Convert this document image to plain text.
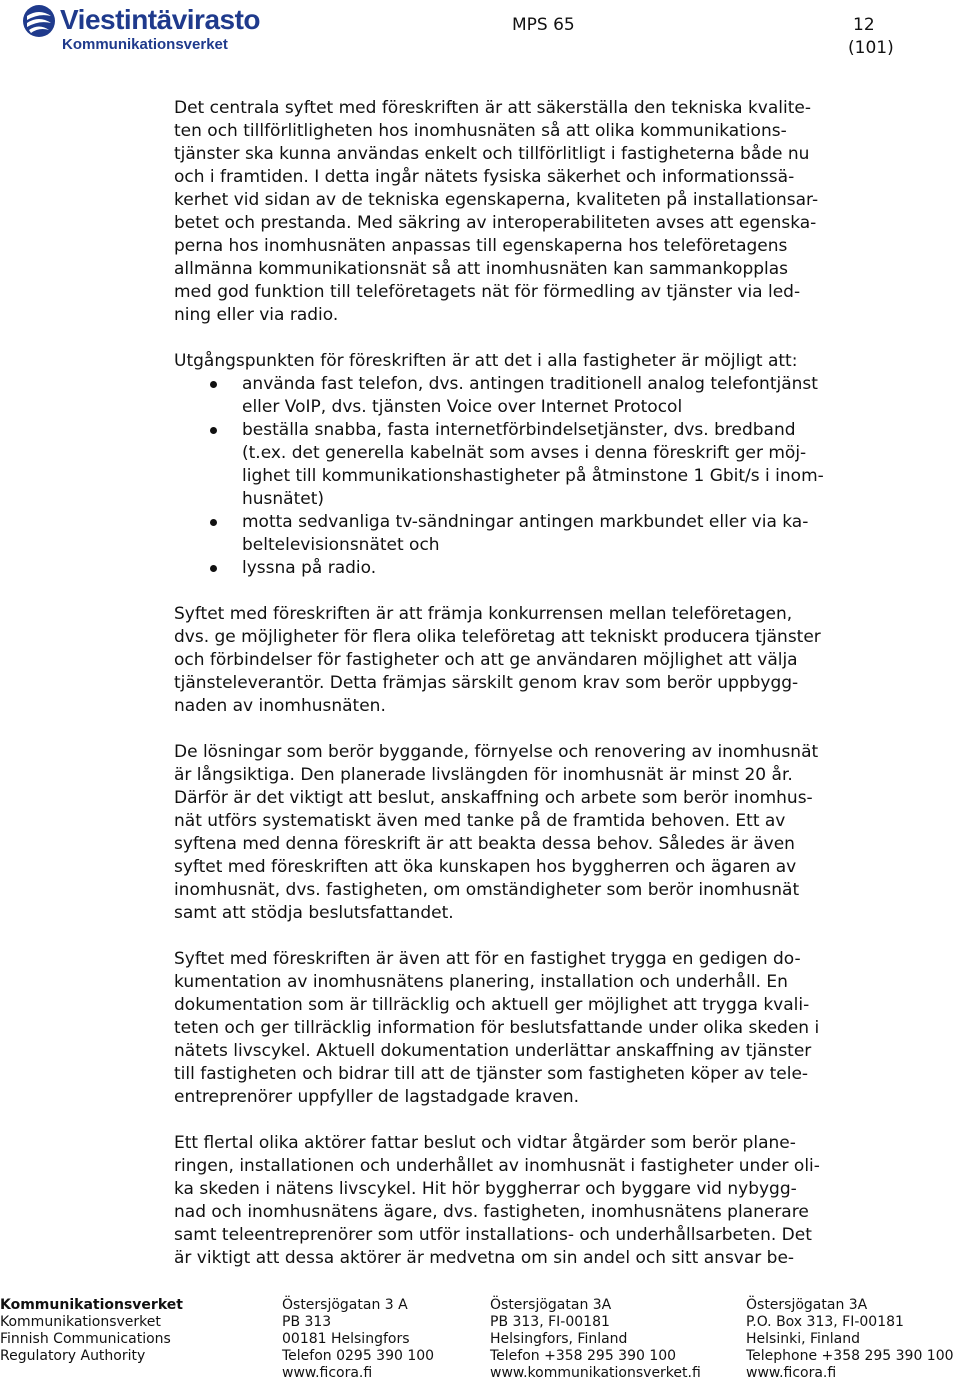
Viestintävirasto
Kommunikationsverket
MPS 65	12
(101)

Det centrala syftet med föreskriften är att säkerställa den tekniska kvalite-
ten och tillförlitligheten hos inomhusnäten så att olika kommunikations-
tjänster ska kunna användas enkelt och tillförlitligt i fastigheterna både nu
och i framtiden. I detta ingår nätets fysiska säkerhet och informationssä-
kerhet vid sidan av de tekniska egenskaperna, kvaliteten på installationsar-
betet och prestanda. Med säkring av interoperabiliteten avses att egenska-
perna hos inomhusnäten anpassas till egenskaperna hos teleföretagens
allmänna kommunikationsnät så att inomhusnäten kan sammankopplas
med god funktion till teleföretagets nät för förmedling av tjänster via led-
ning eller via radio.

Utgångspunkten för föreskriften är att det i alla fastigheter är möjligt att:

använda fast telefon, dvs. antingen traditionell analog telefontjänst
eller VoIP, dvs. tjänsten Voice over Internet Protocol
beställa snabba, fasta internetförbindelsetjänster, dvs. bredband
(t.ex. det generella kabelnät som avses i denna föreskrift ger möj-
lighet till kommunikationshastigheter på åtminstone 1 Gbit/s i inom-
husnätet)
motta sedvanliga tv-sändningar antingen markbundet eller via ka-
beltelevisionsnätet och
lyssna på radio.

Syftet med föreskriften är att främja konkurrensen mellan teleföretagen,
dvs. ge möjligheter för flera olika teleföretag att tekniskt producera tjänster
och förbindelser för fastigheter och att ge användaren möjlighet att välja
tjänsteleverantör. Detta främjas särskilt genom krav som berör uppbygg-
naden av inomhusnäten.

De lösningar som berör byggande, förnyelse och renovering av inomhusnät
är långsiktiga. Den planerade livslängden för inomhusnät är minst 20 år.
Därför är det viktigt att beslut, anskaffning och arbete som berör inomhus-
nät utförs systematiskt även med tanke på de framtida behoven. Ett av
syftena med denna föreskrift är att beakta dessa behov. Således är även
syftet med föreskriften att öka kunskapen hos byggherren och ägaren av
inomhusnät, dvs. fastigheten, om omständigheter som berör inomhusnät
samt att stödja beslutsfattandet.

Syftet med föreskriften är även att för en fastighet trygga en gedigen do-
kumentation av inomhusnätens planering, installation och underhåll. En
dokumentation som är tillräcklig och aktuell ger möjlighet att trygga kvali-
teten och ger tillräcklig information för beslutsfattande under olika skeden i
nätets livscykel. Aktuell dokumentation underlättar anskaffning av tjänster
till fastigheten och bidrar till att de tjänster som fastigheten köper av tele-
entreprenörer uppfyller de lagstadgade kraven.

Ett flertal olika aktörer fattar beslut och vidtar åtgärder som berör plane-
ringen, installationen och underhållet av inomhusnät i fastigheter under oli-
ka skeden i nätens livscykel. Hit hör byggherrar och byggare vid nybygg-
nad och inomhusnätens ägare, dvs. fastigheten, inomhusnätens planerare
samt teleentreprenörer som utför installations- och underhållsarbeten. Det
är viktigt att dessa aktörer är medvetna om sin andel och sitt ansvar be-

Kommunikationsverket
Kommunikationsverket
Finnish Communications
Regulatory Authority
Östersjögatan 3 A
PB 313
00181 Helsingfors
Telefon 0295 390 100
www.ficora.fi
Östersjögatan 3A
PB 313, FI-00181
Helsingfors, Finland
Telefon +358 295 390 100
www.kommunikationsverket.fi
Östersjögatan 3A
P.O. Box 313, FI-00181
Helsinki, Finland
Telephone +358 295 390 100
www.ficora.fi
